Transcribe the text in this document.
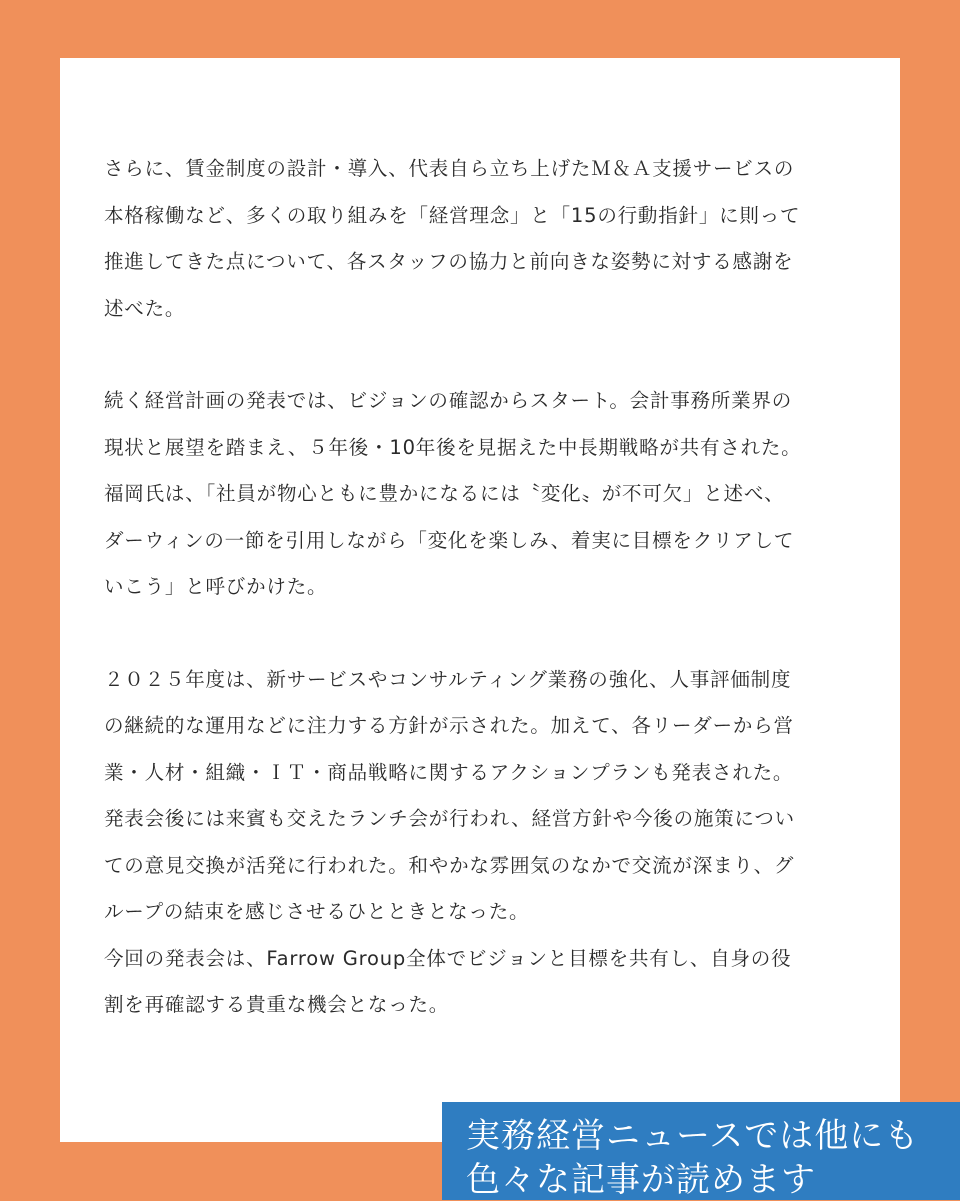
さらに、賃金制度の設計・導入、代表自ら立ち上げたＭ＆Ａ支援サービスの
本格稼働など、多くの取り組みを「経営理念」と「15の行動指針」に則って
推進してきた点について、各スタッフの協力と前向きな姿勢に対する感謝を
述べた。

続く経営計画の発表では、ビジョンの確認からスタート。会計事務所業界の
現状と展望を踏まえ、５年後・10年後を見据えた中長期戦略が共有された。
福岡氏は、「社員が物心ともに豊かになるには〝変化〟が不可欠」と述べ、
ダーウィンの一節を引用しながら「変化を楽しみ、着実に目標をクリアして
いこう」と呼びかけた。

２０２５年度は、新サービスやコンサルティング業務の強化、人事評価制度
の継続的な運用などに注力する方針が示された。加えて、各リーダーから営
業・人材・組織・ＩＴ・商品戦略に関するアクションプランも発表された。
発表会後には来賓も交えたランチ会が行われ、経営方針や今後の施策につい
ての意見交換が活発に行われた。和やかな雰囲気のなかで交流が深まり、グ
ループの結束を感じさせるひとときとなった。
今回の発表会は、Farrow Group全体でビジョンと目標を共有し、自身の役
割を再確認する貴重な機会となった。

実務経営ニュースでは他にも
色々な記事が読めます
